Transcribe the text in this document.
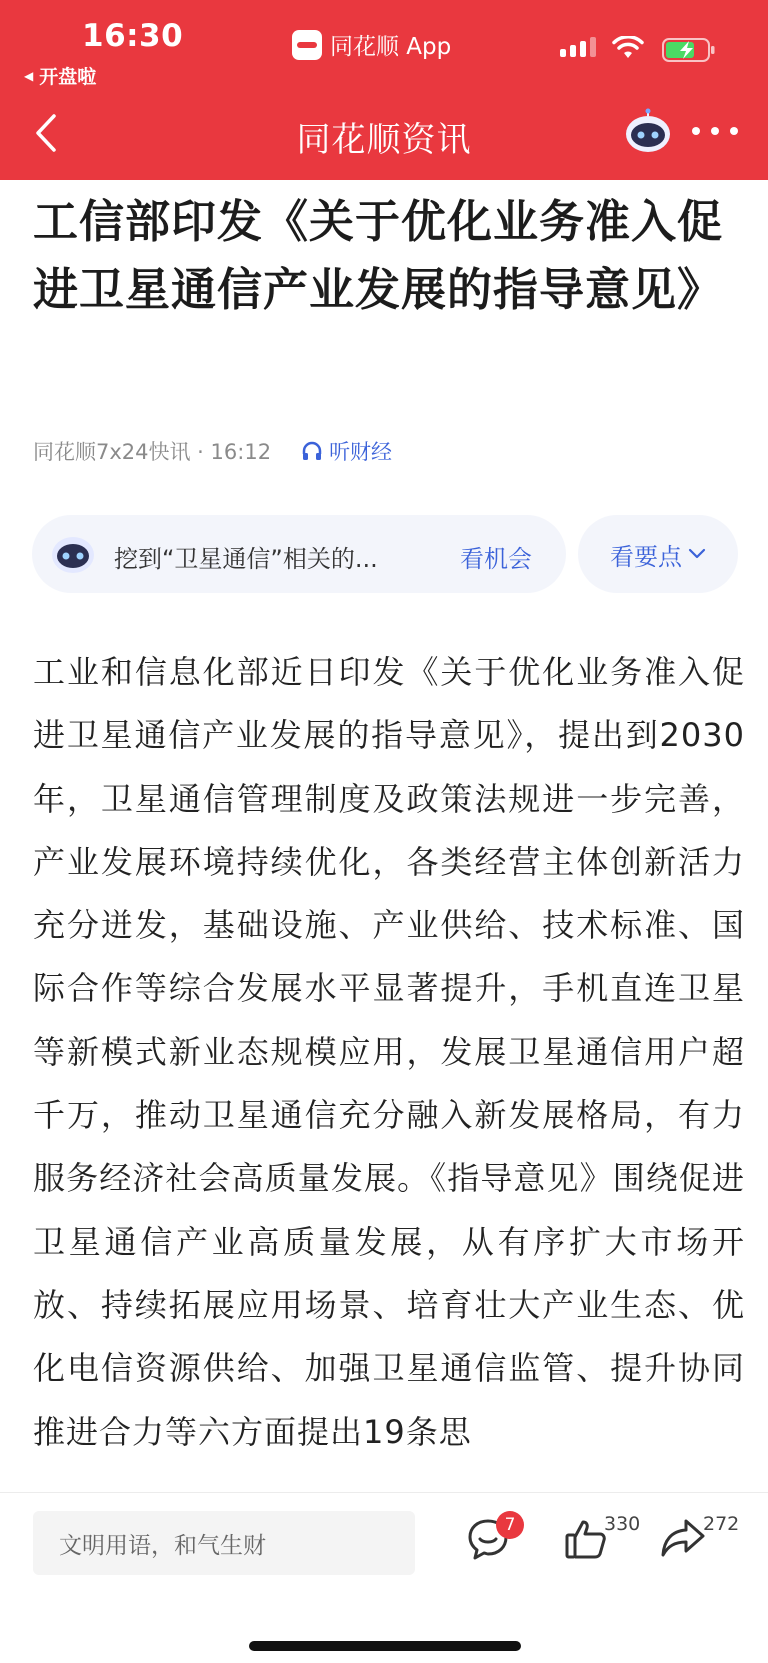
16:30
◀ 开盘啦
同花顺 App
同花顺资讯
工信部印发《关于优化业务准入促进卫星通信产业发展的指导意见》
同花顺7x24快讯 · 16:12	听财经
挖到“卫星通信”相关的...	看机会	看要点
工业和信息化部近日印发《关于优化业务准入促进卫星通信产业发展的指导意见》，提出到2030年，卫星通信管理制度及政策法规进一步完善，产业发展环境持续优化，各类经营主体创新活力充分迸发，基础设施、产业供给、技术标准、国际合作等综合发展水平显著提升，手机直连卫星等新模式新业态规模应用，发展卫星通信用户超千万，推动卫星通信充分融入新发展格局，有力服务经济社会高质量发展。《指导意见》围绕促进卫星通信产业高质量发展，从有序扩大市场开放、持续拓展应用场景、培育壮大产业生态、优化电信资源供给、加强卫星通信监管、提升协同推进合力等六方面提出19条思
文明用语，和气生财
7	330	272
